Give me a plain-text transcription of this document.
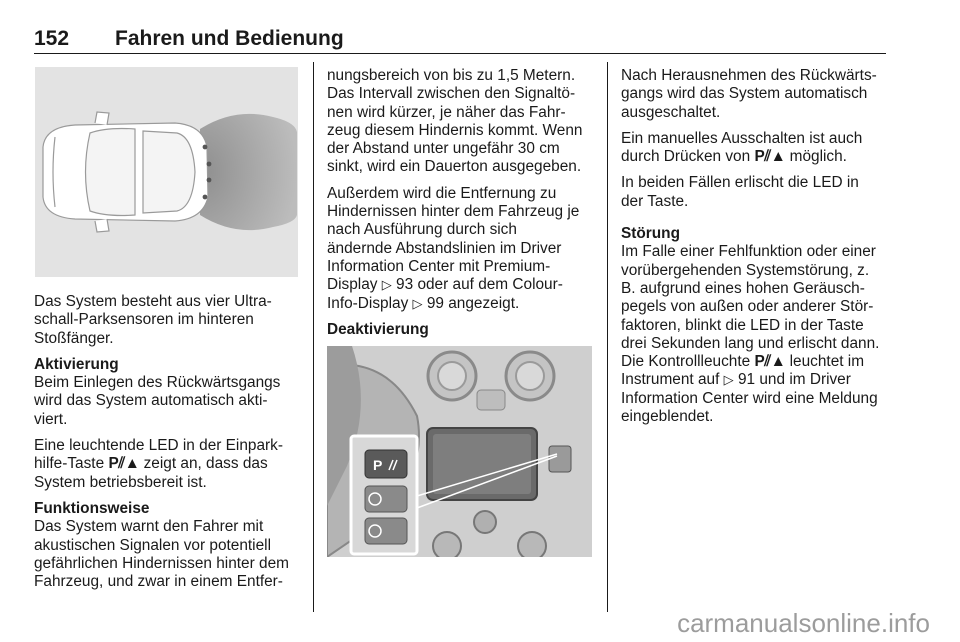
152 Fahren und Bedienung
P

Das System besteht aus vier Ultra-
schall-Parksensoren im hinteren
Stoßfänger.

Aktivierung
Beim Einlegen des Rückwärtsgangs
wird das System automatisch akti-
viert.

Eine leuchtende LED in der Einpark-
hilfe-Taste P⫽▲ zeigt an, dass das
System betriebsbereit ist.

Funktionsweise
Das System warnt den Fahrer mit
akustischen Signalen vor potentiell
gefährlichen Hindernissen hinter dem
Fahrzeug, und zwar in einem Entfer-

nungsbereich von bis zu 1,5 Metern.
Das Intervall zwischen den Signaltö-
nen wird kürzer, je näher das Fahr-
zeug diesem Hindernis kommt. Wenn
der Abstand unter ungefähr 30 cm
sinkt, wird ein Dauerton ausgegeben.

Außerdem wird die Entfernung zu
Hindernissen hinter dem Fahrzeug je
nach Ausführung durch sich
ändernde Abstandslinien im Driver
Information Center mit Premium-
Display ▷ 93 oder auf dem Colour-
Info-Display ▷ 99 angezeigt.

Deaktivierung

Nach Herausnehmen des Rückwärts-
gangs wird das System automatisch
ausgeschaltet.

Ein manuelles Ausschalten ist auch
durch Drücken von P⫽▲ möglich.

In beiden Fällen erlischt die LED in
der Taste.

Störung
Im Falle einer Fehlfunktion oder einer
vorübergehenden Systemstörung, z.
B. aufgrund eines hohen Geräusch-
pegels von außen oder anderer Stör-
faktoren, blinkt die LED in der Taste
drei Sekunden lang und erlischt dann.
Die Kontrollleuchte P⫽▲ leuchtet im
Instrument auf ▷ 91 und im Driver
Information Center wird eine Meldung
eingeblendet.

carmanualsonline.info
